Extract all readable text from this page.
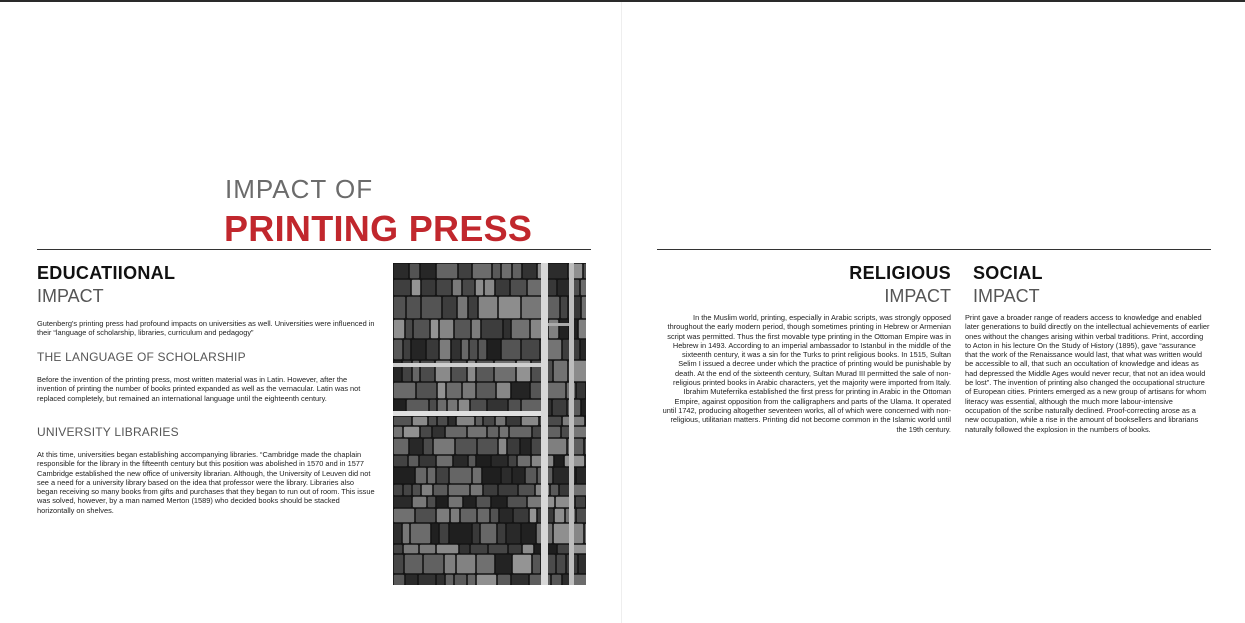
IMPACT OF
PRINTING PRESS
EDUCATIIONAL
IMPACT

Gutenberg’s printing press had profound impacts on universities as well. Universities were influenced in their “language of scholarship, libraries, curriculum and pedagogy”

THE LANGUAGE OF SCHOLARSHIP

Before the invention of the printing press, most written material was in Latin. However, after the invention of printing the number of books printed expanded as well as the vernacular. Latin was not replaced completely, but remained an international language until the eighteenth century.

UNIVERSITY LIBRARIES

At this time, universities began establishing accompanying libraries. “Cambridge made the chaplain responsible for the library in the fifteenth century but this position was abolished in 1570 and in 1577 Cambridge established the new office of university librarian. Although, the University of Leuven did not see a need for a university library based on the idea that professor were the library. Libraries also began receiving so many books from gifts and purchases that they began to run out of room. This issue was solved, however, by a man named Merton (1589) who decided books should be stacked horizontally on shelves.

RELIGIOUS
IMPACT

In the Muslim world, printing, especially in Arabic scripts, was strongly opposed throughout the early modern period, though sometimes printing in Hebrew or Armenian script was permitted. Thus the first movable type printing in the Ottoman Empire was in Hebrew in 1493. According to an imperial ambassador to Istanbul in the middle of the sixteenth century, it was a sin for the Turks to print religious books. In 1515, Sultan Selim I issued a decree under which the practice of printing would be punishable by death. At the end of the sixteenth century, Sultan Murad III permitted the sale of non-religious printed books in Arabic characters, yet the majority were imported from Italy. Ibrahim Muteferrika established the first press for printing in Arabic in the Ottoman Empire, against opposition from the calligraphers and parts of the Ulama. It operated until 1742, producing altogether seventeen works, all of which were concerned with non-religious, utilitarian matters. Printing did not become common in the Islamic world until the 19th century.

SOCIAL
IMPACT

Print gave a broader range of readers access to knowledge and enabled later generations to build directly on the intellectual achievements of earlier ones without the changes arising within verbal traditions. Print, according to Acton in his lecture On the Study of History (1895), gave “assurance that the work of the Renaissance would last, that what was written would be accessible to all, that such an occultation of knowledge and ideas as had depressed the Middle Ages would never recur, that not an idea would be lost”. The invention of printing also changed the occupational structure of European cities. Printers emerged as a new group of artisans for whom literacy was essential, although the much more labour-intensive occupation of the scribe naturally declined. Proof-correcting arose as a new occupation, while a rise in the amount of booksellers and librarians naturally followed the explosion in the numbers of books.
